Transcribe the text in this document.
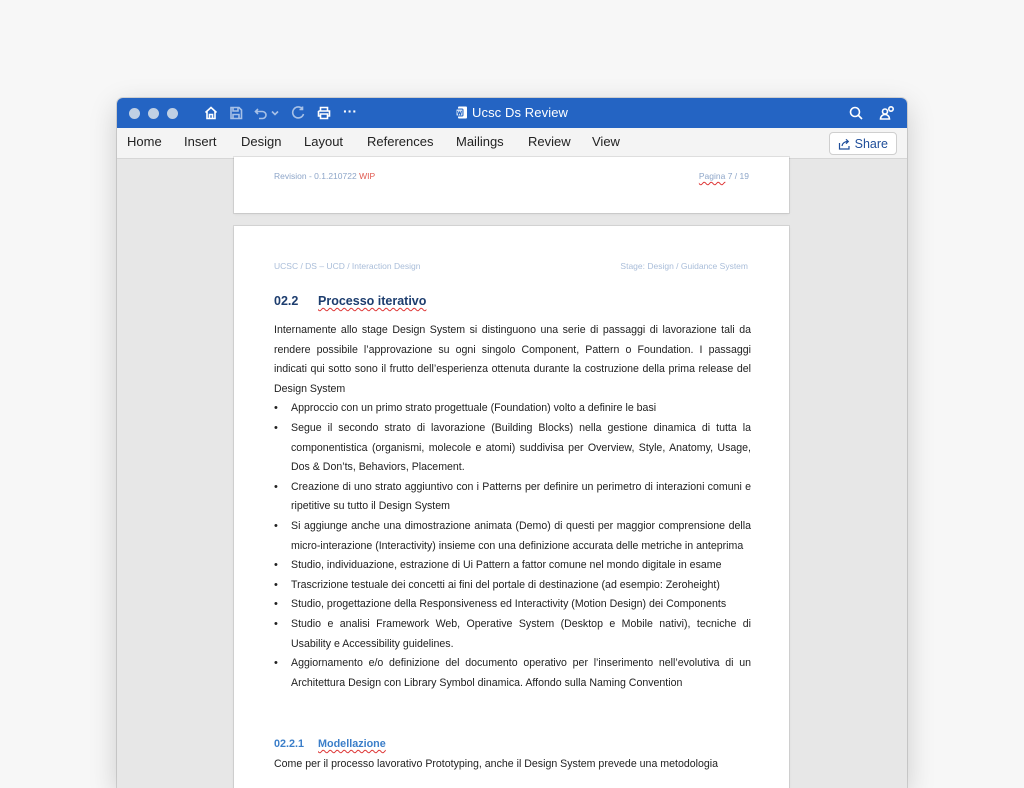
···	Ucsc Ds Review
Home Insert Design Layout References Mailings Review View	Share
Revision - 0.1.210722 WIP	Pagina 7 / 19
UCSC / DS – UCD / Interaction Design	Stage: Design / Guidance System
02.2 Processo iterativo

Internamente allo stage Design System si distinguono una serie di passaggi di lavorazione tali da rendere possibile l’approvazione su ogni singolo Component, Pattern o Foundation. I passaggi indicati qui sotto sono il frutto dell’esperienza ottenuta durante la costruzione della prima release del Design System

• Approccio con un primo strato progettuale (Foundation) volto a definire le basi
• Segue il secondo strato di lavorazione (Building Blocks) nella gestione dinamica di tutta la componentistica (organismi, molecole e atomi) suddivisa per Overview, Style, Anatomy, Usage, Dos & Don’ts, Behaviors, Placement.
• Creazione di uno strato aggiuntivo con i Patterns per definire un perimetro di interazioni comuni e ripetitive su tutto il Design System
• Si aggiunge anche una dimostrazione animata (Demo) di questi per maggior comprensione della micro-interazione (Interactivity) insieme con una definizione accurata delle metriche in anteprima
• Studio, individuazione, estrazione di Ui Pattern a fattor comune nel mondo digitale in esame
• Trascrizione testuale dei concetti ai fini del portale di destinazione (ad esempio: Zeroheight)
• Studio, progettazione della Responsiveness ed Interactivity (Motion Design) dei Components
• Studio e analisi Framework Web, Operative System (Desktop e Mobile nativi), tecniche di Usability e Accessibility guidelines.
• Aggiornamento e/o definizione del documento operativo per l’inserimento nell’evolutiva di un Architettura Design con Library Symbol dinamica. Affondo sulla Naming Convention
02.2.1 Modellazione
Come per il processo lavorativo Prototyping, anche il Design System prevede una metodologia
